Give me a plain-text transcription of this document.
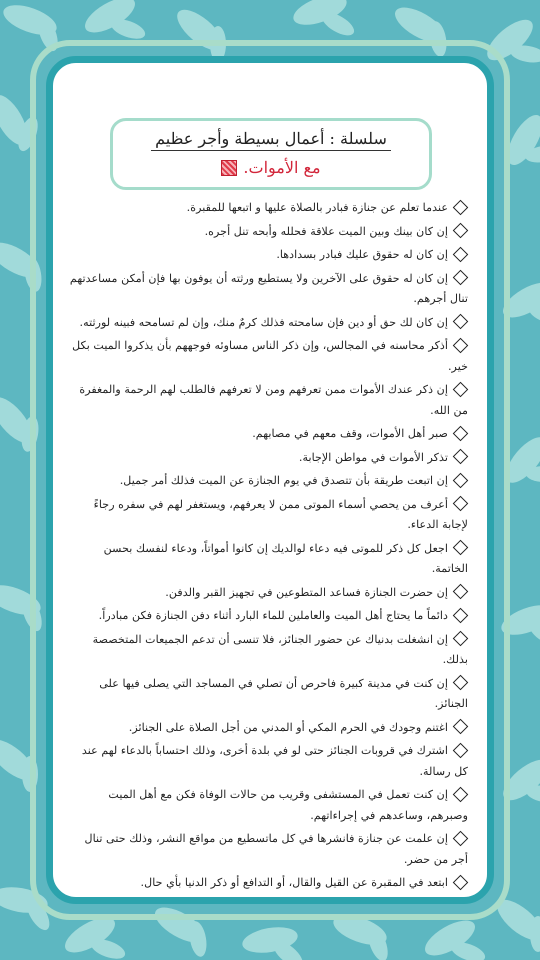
سلسلة : أعمال بسيطة وأجر عظيم
مع الأموات.
عندما تعلم عن جنازة فبادر بالصلاة عليها و اتبعها للمقبرة.
إن كان بينك وبين الميت علاقة فحلله وأبحه تنل أجره.
إن كان له حقوق عليك فبادر بسدادها.
إن كان له حقوق على الآخرين ولا يستطيع ورثته أن يوفون بها فإن أمكن مساعدتهم تنال أجرهم.
إن كان لك حق أو دين فإن سامحته فذلك كرمٌ منك، وإن لم تسامحه فبينه لورثته.
أذكر محاسنه في المجالس، وإن ذكر الناس مساوئه فوجههم بأن يذكروا الميت بكل خير.
إن ذكر عندك الأموات ممن تعرفهم ومن لا تعرفهم فالطلب لهم الرحمة والمغفرة من الله.
صبر أهل الأموات، وقف معهم في مصابهم.
تذكر الأموات في مواطن الإجابة.
إن اتبعت طريقة بأن تتصدق في يوم الجنازة عن الميت فذلك أمر جميل.
أعرف من يحصي أسماء الموتى ممن لا يعرفهم، ويستغفر لهم في سفره رجاءً لإجابة الدعاء.
اجعل كل ذكر للموتى فيه دعاء لوالديك إن كانوا أمواتاً، ودعاء لنفسك بحسن الخاتمة.
إن حضرت الجنازة فساعد المتطوعين في تجهيز القبر والدفن.
دائماً ما يحتاج أهل الميت والعاملين للماء البارد أثناء دفن الجنازة فكن مبادراً.
إن انشغلت بدنياك عن حضور الجنائز، فلا تنسى أن تدعم الجميعات المتخصصة بذلك.
إن كنت في مدينة كبيرة فاحرص أن تصلي في المساجد التي يصلى فيها على الجنائز.
اغتنم وجودك في الحرم المكي أو المدني من أجل الصلاة على الجنائز.
اشترك في قروبات الجنائز حتى لو في بلدة أخرى، وذلك احتساباً بالدعاء لهم عند كل رسالة.
إن كنت تعمل في المستشفى وقريب من حالات الوفاة فكن مع أهل الميت وصبرهم، وساعدهم في إجراءاتهم.
إن علمت عن جنازة فانشرها في كل ماتسطيع من مواقع النشر، وذلك حتى تنال أجر من حضر.
ابتعد في المقبرة عن القيل والقال، أو التدافع أو ذكر الدنيا بأي حال.
